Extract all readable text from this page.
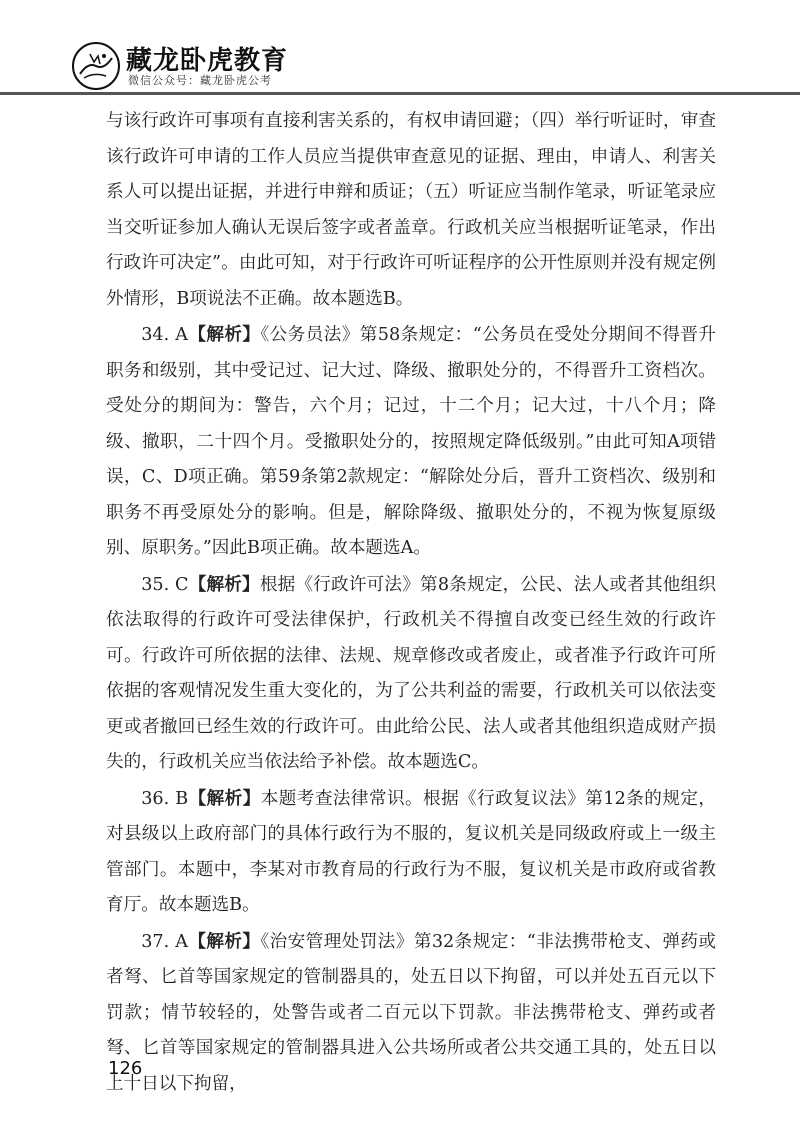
藏龙卧虎教育
微信公众号：藏龙卧虎公考

与该行政许可事项有直接利害关系的，有权申请回避；（四）举行听证时，审查该行政许可申请的工作人员应当提供审查意见的证据、理由，申请人、利害关系人可以提出证据，并进行申辩和质证；（五）听证应当制作笔录，听证笔录应当交听证参加人确认无误后签字或者盖章。行政机关应当根据听证笔录，作出行政许可决定”。由此可知，对于行政许可听证程序的公开性原则并没有规定例外情形，B项说法不正确。故本题选B。

34. A【解析】《公务员法》第58条规定：“公务员在受处分期间不得晋升职务和级别，其中受记过、记大过、降级、撤职处分的，不得晋升工资档次。受处分的期间为：警告，六个月；记过，十二个月；记大过，十八个月；降级、撤职，二十四个月。受撤职处分的，按照规定降低级别。”由此可知A项错误，C、D项正确。第59条第2款规定：“解除处分后，晋升工资档次、级别和职务不再受原处分的影响。但是，解除降级、撤职处分的，不视为恢复原级别、原职务。”因此B项正确。故本题选A。

35. C【解析】根据《行政许可法》第8条规定，公民、法人或者其他组织依法取得的行政许可受法律保护，行政机关不得擅自改变已经生效的行政许可。行政许可所依据的法律、法规、规章修改或者废止，或者准予行政许可所依据的客观情况发生重大变化的，为了公共利益的需要，行政机关可以依法变更或者撤回已经生效的行政许可。由此给公民、法人或者其他组织造成财产损失的，行政机关应当依法给予补偿。故本题选C。

36. B【解析】本题考查法律常识。根据《行政复议法》第12条的规定，对县级以上政府部门的具体行政行为不服的，复议机关是同级政府或上一级主管部门。本题中，李某对市教育局的行政行为不服，复议机关是市政府或省教育厅。故本题选B。

37. A【解析】《治安管理处罚法》第32条规定：“非法携带枪支、弹药或者弩、匕首等国家规定的管制器具的，处五日以下拘留，可以并处五百元以下罚款；情节较轻的，处警告或者二百元以下罚款。非法携带枪支、弹药或者弩、匕首等国家规定的管制器具进入公共场所或者公共交通工具的，处五日以上十日以下拘留，

126
